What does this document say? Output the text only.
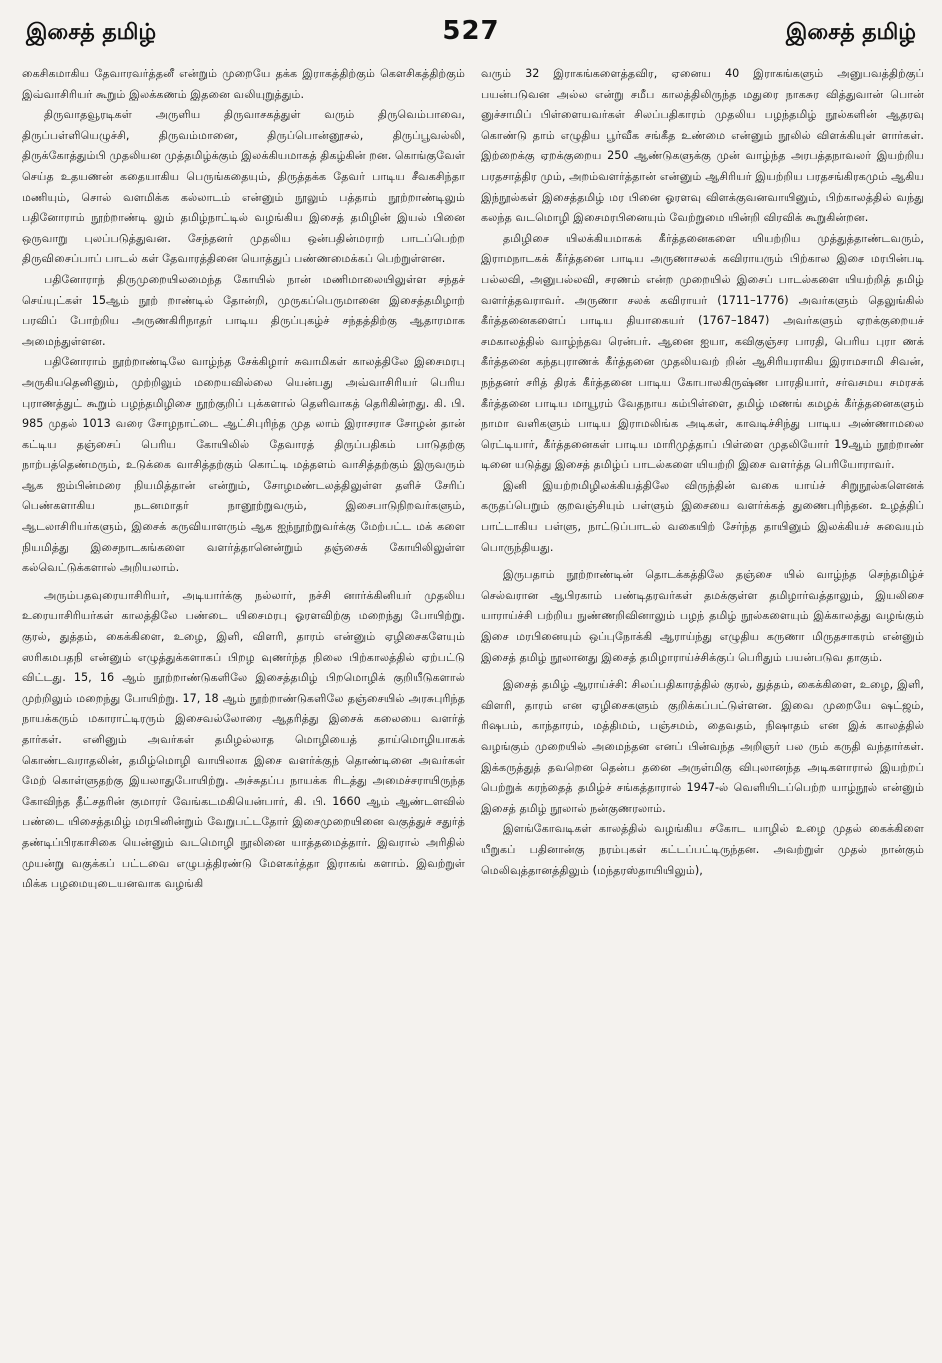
இசைத் தமிழ்	527	இசைத் தமிழ்

கைசிகமாகிய தேவாரவர்த்தனீ என்றும் முறையே தக்க இராகத்திற்கும் கௌசிகத்திற்கும் இவ்வாசிரியர் கூறும் இலக்கணம் இதனை வலியுறுத்தும்.

திருவாதவூரடிகள் அருளிய திருவாசகத்துள் வரும் திருவெம்பாவை, திருப்பள்ளியெழுச்சி, திருவம்மானை, திருப்பொன்னூசல், திருப்பூவல்லி, திருக்கோத்தும்பி முதலியன முத்தமிழ்க்கும் இலக்கியமாகத் திகழ்கின் றன. கொங்குவேள் செய்த உதயணன் கதையாகிய பெருங்கதையும், திருத்தக்க தேவர் பாடிய சீவகசிந்தா மணியும், சொல் வளமிக்க கல்லாடம் என்னும் நூலும் பத்தாம் நூற்றாண்டிலும் பதினோராம் நூற்றாண்டி லும் தமிழ்நாட்டில் வழங்கிய இசைத் தமிழின் இயல் பினை ஒருவாறு புலப்படுத்துவன. சேந்தனர் முதலிய ஒன்பதின்மராற் பாடப்பெற்ற திருவிசைப்பாப் பாடல் கள் தேவாரத்தினை யொத்துப் பண்ணமைக்கப் பெற்றுள்ளன.

பதினோராந் திருமுறையிலமைந்த கோயில் நான் மணிமாலையிலுள்ள சந்தச் செய்யுட்கள் 15ஆம் நூற் றாண்டில் தோன்றி, முருகப்பெருமானை இசைத்தமிழாற் பரவிப் போற்றிய அருணகிரிநாதர் பாடிய திருப்புகழ்ச் சந்தத்திற்கு ஆதாரமாக அமைந்துள்ளன.

பதினோராம் நூற்றாண்டிலே வாழ்ந்த சேக்கிழார் சுவாமிகள் காலத்திலே இசைமரபு அருகியதெனினும், முற்றிலும் மறையவில்லை யென்பது அவ்வாசிரியர் பெரிய புராணத்துட் கூறும் பழந்தமிழிசை நூற்குறிப் புக்களால் தெளிவாகத் தெரிகின்றது. கி. பி. 985 முதல் 1013 வரை சோழநாட்டை ஆட்சிபுரிந்த முத லாம் இராசராச சோழன் தான் கட்டிய தஞ்சைப் பெரிய கோயிலில் தேவாரத் திருப்பதிகம் பாடுதற்கு நாற்பத்தெண்மரும், உடுக்கை வாசித்தற்கும் கொட்டி மத்தளம் வாசித்தற்கும் இருவரும் ஆக ஐம்பின்மரை நியமித்தான் என்றும், சோழமண்டலத்திலுள்ள தளிச் சேரிப் பெண்களாகிய நடனமாதர் நானூற்றுவரும், இசைபாடுநிறவர்களும், ஆடலாசிரியர்களும், இசைக் கருவியாளரும் ஆக ஐந்நூற்றுவர்க்கு மேற்பட்ட மக் களை நியமித்து இசைநாடகங்களை வளர்த்தானென்றும் தஞ்சைக் கோயிலிலுள்ள கல்வெட்டுக்களால் அறியலாம்.

அரும்பதவுரையாசிரியர், அடியார்க்கு நல்லார், நச்சி னார்க்கினியர் முதலிய உரையாசிரியர்கள் காலத்திலே பண்டை யிசைமரபு ஓரளவிற்கு மறைந்து போயிற்று. குரல், துத்தம், கைக்கிளை, உழை, இளி, விளரி, தாரம் என்னும் ஏழிசைகளேயும் ஸரிகமபதநி என்னும் எழுத்துக்களாகப் பிறழ வுணர்ந்த நிலை பிற்காலத்தில் ஏற்பட்டு விட்டது. 15, 16 ஆம் நூற்றாண்டுகளிலே இசைத்தமிழ் பிறமொழிக் குறியீடுகளால் முற்றிலும் மறைந்து போயிற்று. 17, 18 ஆம் நூற்றாண்டுகளிலே தஞ்சையில் அரசுபுரிந்த நாயக்கரும் மகாராட்டிரரும் இசைவல்லோரை ஆதரித்து இசைக் கலையை வளர்த் தார்கள். எனினும் அவர்கள் தமிழல்லாத மொழியைத் தாய்மொழியாகக் கொண்டவராதலின், தமிழ்மொழி வாயிலாக இசை வளர்க்குந் தொண்டினை அவர்கள் மேற் கொள்ளுதற்கு இயலாதுபோயிற்று. அச்சுதப்ப நாயக்க ரிடத்து அமைச்சராயிருந்த கோவிந்த தீட்சதரின் குமாரர் வேங்கடமகியென்பார், கி. பி. 1660 ஆம் ஆண்டளவில் பண்டை யிசைத்தமிழ் மரபினின்றும் வேறுபட்டதோர் இசைமுறையினை வகுத்துச் சதுர்த் தண்டிப்பிரகாசிகை யென்னும் வடமொழி நூலினை யாத்தமைத்தார். இவரால் அரிதில் முயன்று வகுக்கப் பட்டவை எழுபத்திரண்டு மேளகர்த்தா இராகங் களாம். இவற்றுள் மிக்க பழமையுடையனவாக வழங்கி

வரும் 32 இராகங்களைத்தவிர, ஏனைய 40 இராகங்களும் அனுபவத்திற்குப் பயன்படுவன அல்ல என்று சமீப காலத்திலிருந்த மதுரை நாகசுர வித்துவான் பொன் னுச்சாமிப் பிள்ளையவர்கள் சிலப்பதிகாரம் முதலிய பழந்தமிழ் நூல்களின் ஆதரவு கொண்டு தாம் எழுதிய பூர்வீக சங்கீத உண்மை என்னும் நூலில் விளக்கியுள் ளார்கள். இற்றைக்கு ஏறக்குறைய 250 ஆண்டுகளுக்கு முன் வாழ்ந்த அரபத்தநாவலர் இயற்றிய பரதசாத்திர மும், அறம்வளர்த்தான் என்னும் ஆசிரியர் இயற்றிய பரதசங்கிரகமும் ஆகிய இந்நூல்கள் இசைத்தமிழ் மர பினை ஓரளவு விளக்குவனவாயினும், பிற்காலத்தில் வந்து கலந்த வடமொழி இசைமரபினையும் வேற்றுமை யின்றி விரவிக் கூறுகின்றன.

தமிழிசை யிலக்கியமாகக் கீர்த்தனைகளை யியற்றிய முத்துத்தாண்டவரும், இராமநாடகக் கீர்த்தனை பாடிய அருணாசலக் கவிராயரும் பிற்கால இசை மரபின்படி பல்லவி, அனுபல்லவி, சரணம் என்ற முறையில் இசைப் பாடல்களை யியற்றித் தமிழ் வளர்த்தவராவர். அருணா சலக் கவிராயர் (1711–1776) அவர்களும் தெலுங்கில் கீர்த்தனைகளைப் பாடிய தியாகையர் (1767–1847) அவர்களும் ஏறக்குறையச் சமகாலத்தில் வாழ்ந்தவ ரென்பர். ஆனை ஐயா, கவிகுஞ்சர பாரதி, பெரிய புரா ணக் கீர்த்தனை கந்தபுராணக் கீர்த்தனை முதலியவற் றின் ஆசிரியராகிய இராமசாமி சிவன், நந்தனர் சரித் திரக் கீர்த்தனை பாடிய கோபாலகிருஷ்ண பாரதியார், சர்வசமய சமரசக் கீர்த்தனை பாடிய மாயூரம் வேதநாய கம்பிள்ளை, தமிழ் மணங் கமழக் கீர்த்தனைகளும் நாமா வளிகளும் பாடிய இராமலிங்க அடிகள், காவடிச்சிந்து பாடிய அண்ணாமலை ரெட்டியார், கீர்த்தனைகள் பாடிய மாரிமுத்தாப் பிள்ளை முதலியோர் 19ஆம் நூற்றாண் டினை யடுத்து இசைத் தமிழ்ப் பாடல்களை யியற்றி இசை வளர்த்த பெரியோராவர்.

இனி இயற்றமிழிலக்கியத்திலே விருந்தின் வகை யாய்ச் சிறுநூல்களெனக் கருதப்பெறும் குறவஞ்சியும் பள்ளும் இசையை வளர்க்கத் துணைபுரிந்தன. உழத்திப் பாட்டாகிய பள்ளு, நாட்டுப்பாடல் வகையிற் சேர்ந்த தாயினும் இலக்கியச் சுவையும் பொருந்தியது.

இருபதாம் நூற்றாண்டின் தொடக்கத்திலே தஞ்சை யில் வாழ்ந்த செந்தமிழ்ச் செல்வரான ஆபிரகாம் பண்டிதரவர்கள் தமக்குள்ள தமிழார்வத்தாலும், இயலிசை யாராய்ச்சி பற்றிய நுண்ணறிவினாலும் பழந் தமிழ் நூல்களையும் இக்காலத்து வழங்கும் இசை மரபினையும் ஒப்புநோக்கி ஆராய்ந்து எழுதிய கருணா மிருதசாகரம் என்னும் இசைத் தமிழ் நூலானது இசைத் தமிழாராய்ச்சிக்குப் பெரிதும் பயன்படுவ தாகும்.

இசைத் தமிழ் ஆராய்ச்சி: சிலப்பதிகாரத்தில் குரல், துத்தம், கைக்கிளை, உழை, இளி, விளரி, தாரம் என ஏழிசைகளும் குறிக்கப்பட்டுள்ளன. இவை முறையே ஷட்ஜம், ரிஷபம், காந்தாரம், மத்திமம், பஞ்சமம், தைவதம், நிஷாதம் என இக் காலத்தில் வழங்கும் முறையில் அமைந்தன எனப் பின்வந்த அறிஞர் பல ரும் கருதி வந்தார்கள். இக்கருத்துத் தவறென தென்ப தனை அருள்மிகு விபுலானந்த அடிகளாரால் இயற்றப் பெற்றுக் கரந்தைத் தமிழ்ச் சங்கத்தாரால் 1947-ல் வெளியிடப்பெற்ற யாழ்நூல் என்னும் இசைத் தமிழ் நூலால் நன்குணரலாம்.

இளங்கோவடிகள் காலத்தில் வழங்கிய சகோட யாழில் உழை முதல் கைக்கிளை யீறுகப் பதினான்கு நரம்புகள் கட்டப்பட்டிருந்தன. அவற்றுள் முதல் நான்கும் மெலிவுத்தானத்திலும் (மந்தரஸ்தாயியிலும்),
